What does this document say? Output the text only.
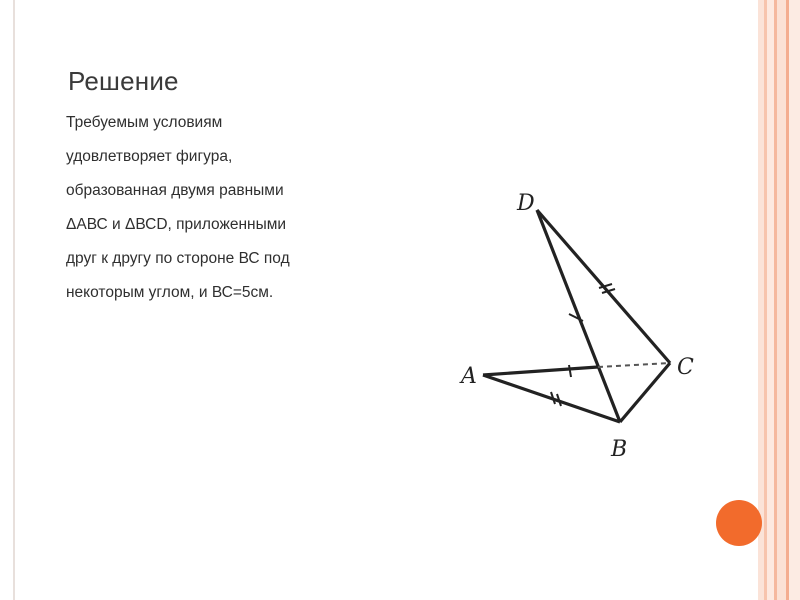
Решение
Требуемым условиям
удовлетворяет фигура,
образованная двумя равными
ΔАВС и ΔВСD, приложенными
друг к другу по стороне ВС под
некоторым углом, и ВС=5см.
D
A	C
B
